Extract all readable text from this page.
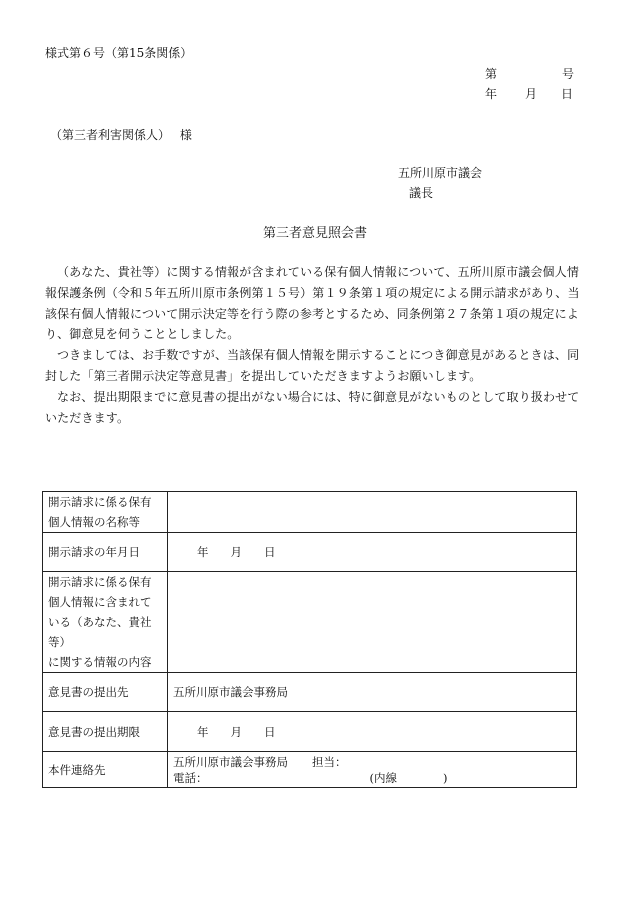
様式第６号（第15条関係）
第	号
年 月 日
（第三者利害関係人）　 様
五所川原市議会
議長
第三者意見照会書

（あなた、貴社等）に関する情報が含まれている保有個人情報について、五所川原市議会個人情報保護条例（令和５年五所川原市条例第１５号）第１９条第１項の規定による開示請求があり、当該保有個人情報について開示決定等を行う際の参考とするため、同条例第２７条第１項の規定により、御意見を伺うこととしました。

つきましては、お手数ですが、当該保有個人情報を開示することにつき御意見があるときは、同封した「第三者開示決定等意見書」を提出していただきますようお願いします。

なお、提出期限までに意見書の提出がない場合には、特に御意見がないものとして取り扱わせていただきます。

開示請求に係る保有
個人情報の名称等	
開示請求の年月日	年 月 日
開示請求に係る保有
個人情報に含まれて
いる（あなた、貴社等）
に関する情報の内容	
意見書の提出先	五所川原市議会事務局
意見書の提出期限	年 月 日
本件連絡先	五所川原市議会事務局 担当：
電話： (内線 )
